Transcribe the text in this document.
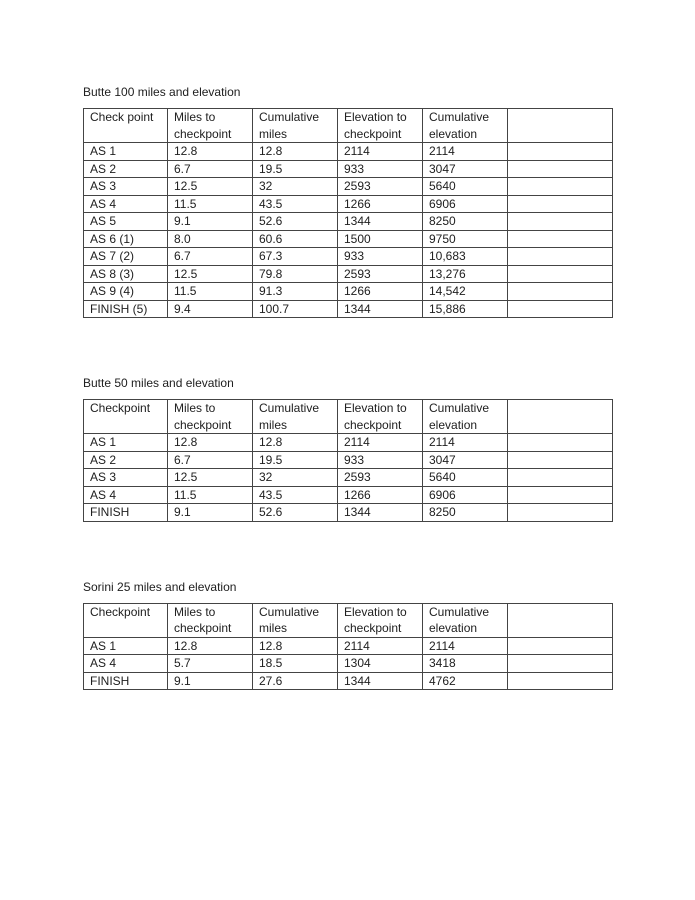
Butte 100 miles and elevation
Check point	Miles to checkpoint	Cumulative miles	Elevation to checkpoint	Cumulative elevation	
AS 1	12.8	12.8	2114	2114	
AS 2	6.7	19.5	933	3047	
AS 3	12.5	32	2593	5640	
AS 4	11.5	43.5	1266	6906	
AS 5	9.1	52.6	1344	8250	
AS 6 (1)	8.0	60.6	1500	9750	
AS 7 (2)	6.7	67.3	933	10,683	
AS 8 (3)	12.5	79.8	2593	13,276	
AS 9 (4)	11.5	91.3	1266	14,542	
FINISH (5)	9.4	100.7	1344	15,886	
Butte 50 miles and elevation
Checkpoint	Miles to checkpoint	Cumulative miles	Elevation to checkpoint	Cumulative elevation	
AS 1	12.8	12.8	2114	2114	
AS 2	6.7	19.5	933	3047	
AS 3	12.5	32	2593	5640	
AS 4	11.5	43.5	1266	6906	
FINISH	9.1	52.6	1344	8250	
Sorini 25 miles and elevation
Checkpoint	Miles to checkpoint	Cumulative miles	Elevation to checkpoint	Cumulative elevation	
AS 1	12.8	12.8	2114	2114	
AS 4	5.7	18.5	1304	3418	
FINISH	9.1	27.6	1344	4762	
